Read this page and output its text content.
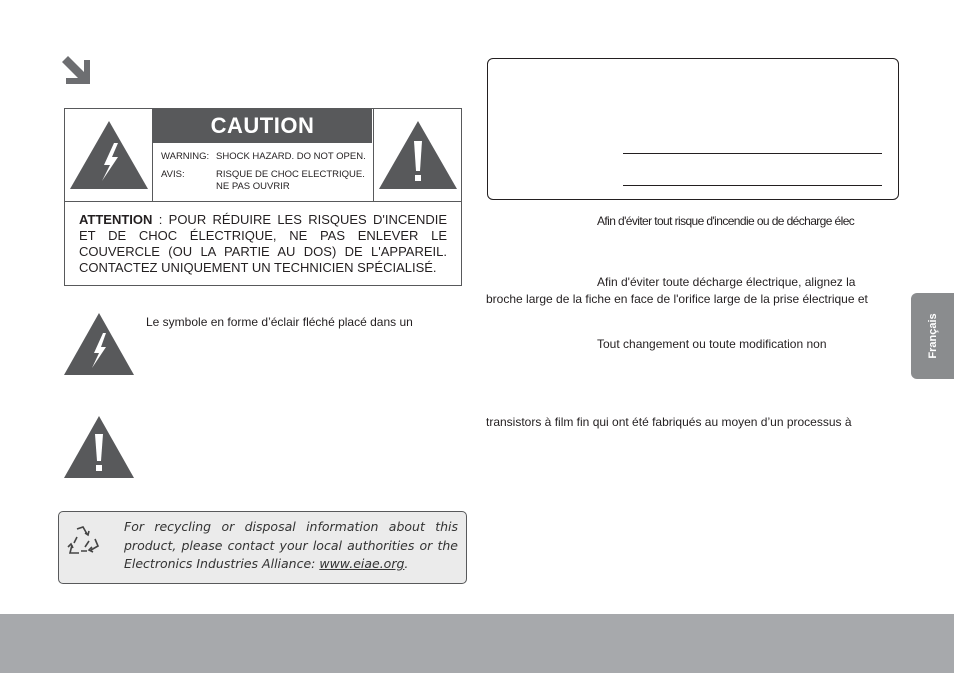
CAUTION
WARNING: SHOCK HAZARD. DO NOT OPEN.
AVIS:	RISQUE DE CHOC ELECTRIQUE.
NE PAS OUVRIR
ATTENTION : POUR RÉDUIRE LES RISQUES D'INCENDIE ET DE CHOC ÉLECTRIQUE, NE PAS ENLEVER LE COUVERCLE (OU LA PARTIE AU DOS) DE L'APPAREIL. CONTACTEZ UNIQUEMENT UN TECHNICIEN SPÉCIALISÉ.
Le symbole en forme d’éclair fléché placé dans un
For recycling or disposal information about this product, please contact your local authorities or the Electronics Industries Alliance: www.eiae.org.
Afin d'éviter tout risque d'incendie ou de décharge élec
Afin d'éviter toute décharge électrique, alignez la
broche large de la fiche en face de l'orifice large de la prise électrique et
Tout changement ou toute modification non
transistors à film fin qui ont été fabriqués au moyen d’un processus à
Français
